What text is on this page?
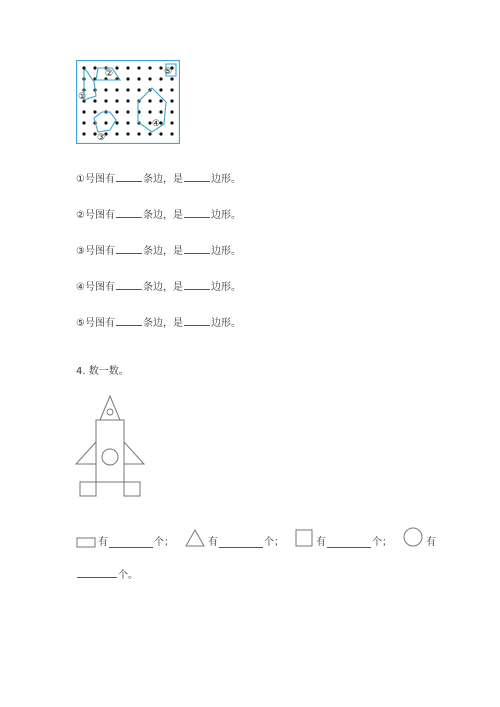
①
②
③
④
⑤
① 号图有	条边，是	边形。
② 号图有	条边，是	边形。
③ 号图有	条边，是	边形。
④ 号图有	条边，是	边形。
⑤ 号图有	条边，是	边形。
4. 数一数。
有	个；	有	个；	有	个；	有
个。
